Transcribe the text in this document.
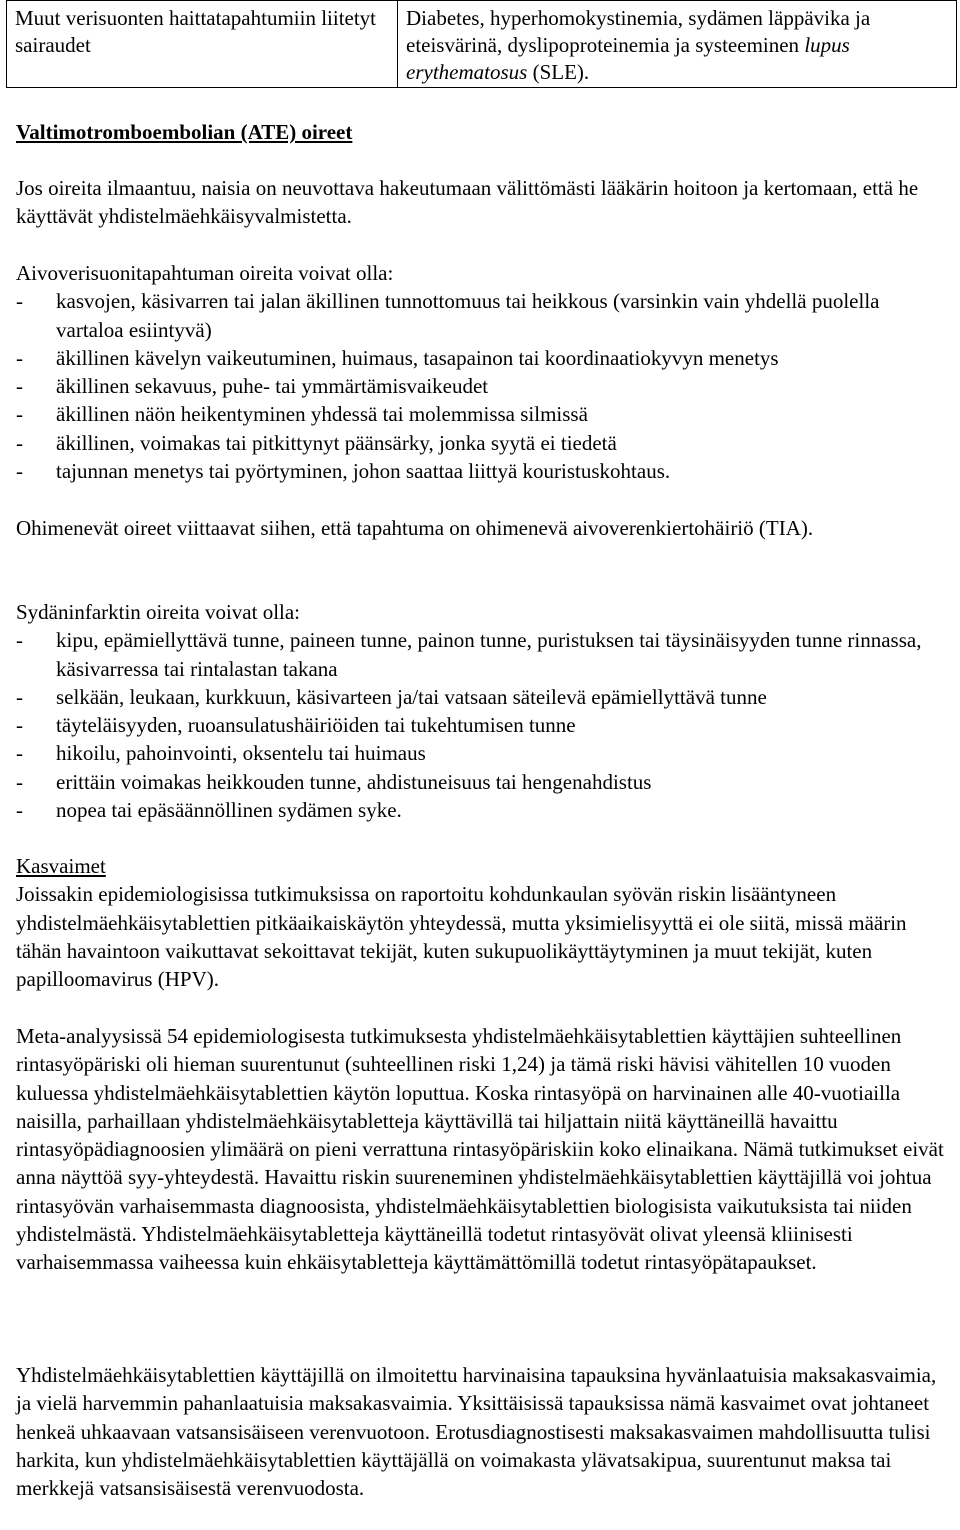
Muut verisuonten haittatapahtumiin liitetyt sairaudet	Diabetes, hyperhomokystinemia, sydämen läppävika ja eteisvärinä, dyslipoproteinemia ja systeeminen lupus erythematosus (SLE).
Valtimotromboembolian (ATE) oireet

Jos oireita ilmaantuu, naisia on neuvottava hakeutumaan välittömästi lääkärin hoitoon ja kertomaan, että he käyttävät yhdistelmäehkäisyvalmistetta.

Aivoverisuonitapahtuman oireita voivat olla:
- kasvojen, käsivarren tai jalan äkillinen tunnottomuus tai heikkous (varsinkin vain yhdellä puolella vartaloa esiintyvä)
- äkillinen kävelyn vaikeutuminen, huimaus, tasapainon tai koordinaatiokyvyn menetys
- äkillinen sekavuus, puhe- tai ymmärtämisvaikeudet
- äkillinen näön heikentyminen yhdessä tai molemmissa silmissä
- äkillinen, voimakas tai pitkittynyt päänsärky, jonka syytä ei tiedetä
- tajunnan menetys tai pyörtyminen, johon saattaa liittyä kouristuskohtaus.

Ohimenevät oireet viittaavat siihen, että tapahtuma on ohimenevä aivoverenkiertohäiriö (TIA).

Sydäninfarktin oireita voivat olla:
- kipu, epämiellyttävä tunne, paineen tunne, painon tunne, puristuksen tai täysinäisyyden tunne rinnassa, käsivarressa tai rintalastan takana
- selkään, leukaan, kurkkuun, käsivarteen ja/tai vatsaan säteilevä epämiellyttävä tunne
- täyteläisyyden, ruoansulatushäiriöiden tai tukehtumisen tunne
- hikoilu, pahoinvointi, oksentelu tai huimaus
- erittäin voimakas heikkouden tunne, ahdistuneisuus tai hengenahdistus
- nopea tai epäsäännöllinen sydämen syke.
Kasvaimet

Joissakin epidemiologisissa tutkimuksissa on raportoitu kohdunkaulan syövän riskin lisääntyneen yhdistelmäehkäisytablettien pitkäaikaiskäytön yhteydessä, mutta yksimielisyyttä ei ole siitä, missä määrin tähän havaintoon vaikuttavat sekoittavat tekijät, kuten sukupuolikäyttäytyminen ja muut tekijät, kuten papilloomavirus (HPV).

Meta-analyysissä 54 epidemiologisesta tutkimuksesta yhdistelmäehkäisytablettien käyttäjien suhteellinen rintasyöpäriski oli hieman suurentunut (suhteellinen riski 1,24) ja tämä riski hävisi vähitellen 10 vuoden kuluessa yhdistelmäehkäisytablettien käytön loputtua. Koska rintasyöpä on harvinainen alle 40-vuotiailla naisilla, parhaillaan yhdistelmäehkäisytabletteja käyttävillä tai hiljattain niitä käyttäneillä havaittu rintasyöpädiagnoosien ylimäärä on pieni verrattuna rintasyöpäriskiin koko elinaikana. Nämä tutkimukset eivät anna näyttöä syy-yhteydestä. Havaittu riskin suureneminen yhdistelmäehkäisytablettien käyttäjillä voi johtua rintasyövän varhaisemmasta diagnoosista, yhdistelmäehkäisytablettien biologisista vaikutuksista tai niiden yhdistelmästä. Yhdistelmäehkäisytabletteja käyttäneillä todetut rintasyövät olivat yleensä kliinisesti varhaisemmassa vaiheessa kuin ehkäisytabletteja käyttämättömillä todetut rintasyöpätapaukset.

Yhdistelmäehkäisytablettien käyttäjillä on ilmoitettu harvinaisina tapauksina hyvänlaatuisia maksakasvaimia, ja vielä harvemmin pahanlaatuisia maksakasvaimia. Yksittäisissä tapauksissa nämä kasvaimet ovat johtaneet henkeä uhkaavaan vatsansisäiseen verenvuotoon. Erotusdiagnostisesti maksakasvaimen mahdollisuutta tulisi harkita, kun yhdistelmäehkäisytablettien käyttäjällä on voimakasta ylävatsakipua, suurentunut maksa tai merkkejä vatsansisäisestä verenvuodosta.
